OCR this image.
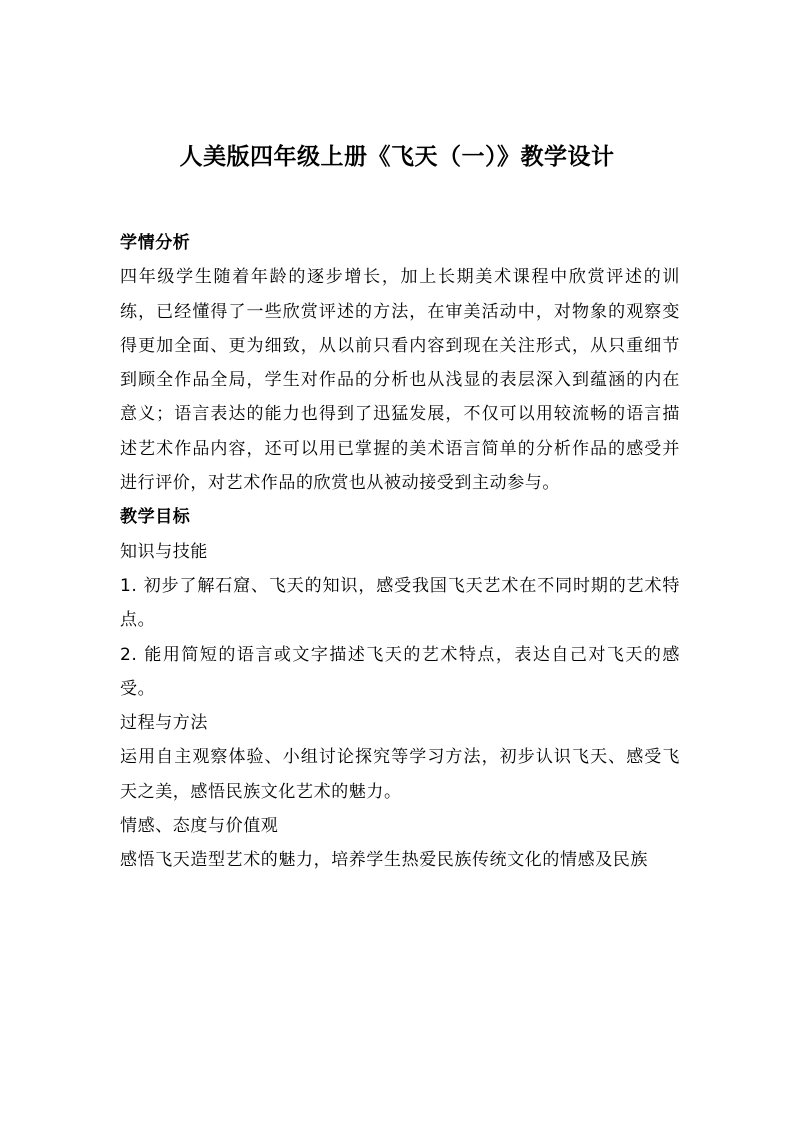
人美版四年级上册《飞天（一）》教学设计

学情分析

四年级学生随着年龄的逐步增长，加上长期美术课程中欣赏评述的训练，已经懂得了一些欣赏评述的方法，在审美活动中，对物象的观察变得更加全面、更为细致，从以前只看内容到现在关注形式，从只重细节到顾全作品全局，学生对作品的分析也从浅显的表层深入到蕴涵的内在意义；语言表达的能力也得到了迅猛发展，不仅可以用较流畅的语言描述艺术作品内容，还可以用已掌握的美术语言简单的分析作品的感受并进行评价，对艺术作品的欣赏也从被动接受到主动参与。

教学目标

知识与技能

1. 初步了解石窟、飞天的知识，感受我国飞天艺术在不同时期的艺术特点。

2. 能用简短的语言或文字描述飞天的艺术特点，表达自己对飞天的感受。

过程与方法

运用自主观察体验、小组讨论探究等学习方法，初步认识飞天、感受飞天之美，感悟民族文化艺术的魅力。

情感、态度与价值观

感悟飞天造型艺术的魅力，培养学生热爱民族传统文化的情感及民族
